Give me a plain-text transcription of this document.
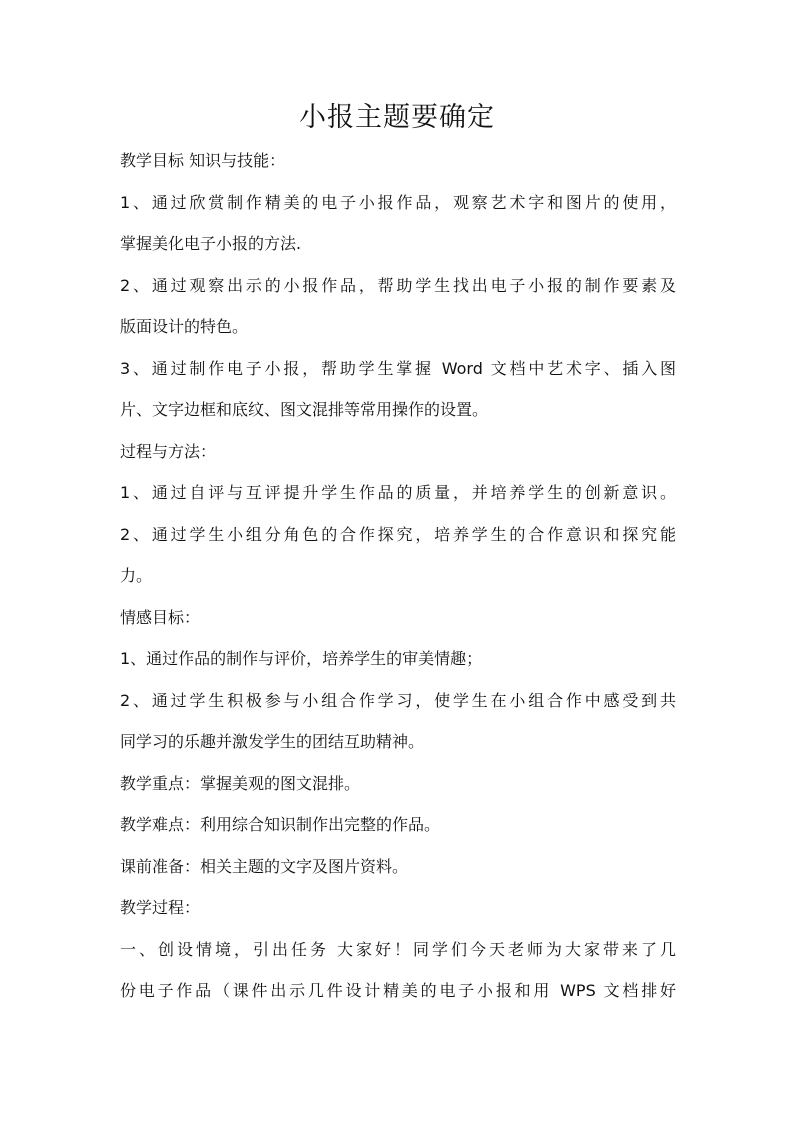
小报主题要确定
教学目标 知识与技能：
1、通过欣赏制作精美的电子小报作品，观察艺术字和图片的使用，
掌握美化电子小报的方法.
2、通过观察出示的小报作品，帮助学生找出电子小报的制作要素及
版面设计的特色。
3、通过制作电子小报，帮助学生掌握 Word 文档中艺术字、插入图
片、文字边框和底纹、图文混排等常用操作的设置。
过程与方法：
1、通过自评与互评提升学生作品的质量，并培养学生的创新意识。
2、通过学生小组分角色的合作探究，培养学生的合作意识和探究能
力。
情感目标：
1、通过作品的制作与评价，培养学生的审美情趣；
2、通过学生积极参与小组合作学习，使学生在小组合作中感受到共
同学习的乐趣并激发学生的团结互助精神。
教学重点：掌握美观的图文混排。
教学难点：利用综合知识制作出完整的作品。
课前准备：相关主题的文字及图片资料。
教学过程：
一、创设情境，引出任务 大家好！同学们今天老师为大家带来了几
份电子作品（课件出示几件设计精美的电子小报和用 WPS 文档排好
